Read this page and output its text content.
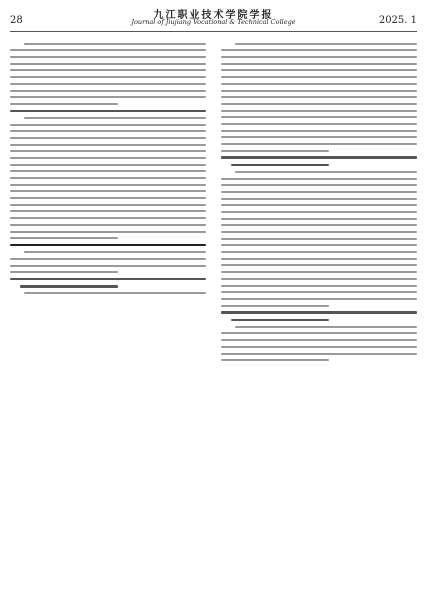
28	九江职业技术学院学报
Journal of Jiujiang Vocational & Technical College	2025. 1
